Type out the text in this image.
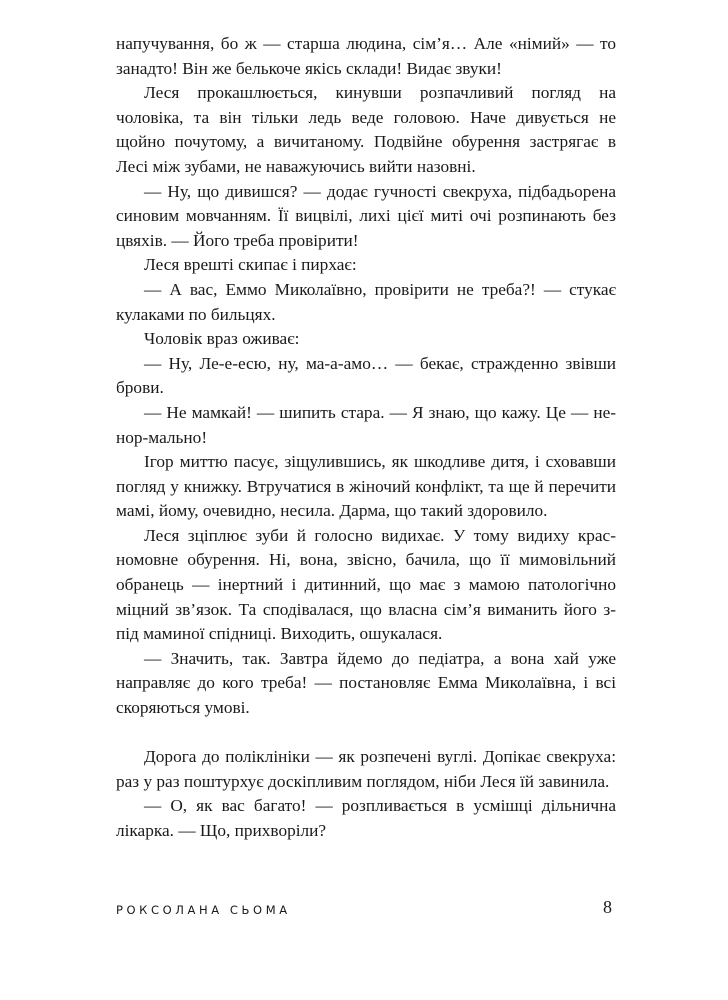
напучування, бо ж — старша людина, сім’я… Але «німий» — то занадто! Він же белькоче якісь склади! Видає звуки!

Леся прокашлюється, кинувши розпачливий погляд на чоловіка, та він тільки ледь веде головою. Наче дивується не щойно почутому, а вичитаному. Подвійне обурення застрягає в Лесі між зубами, не наважуючись вийти назовні.

— Ну, що дивишся? — додає гучності свекруха, підбадьорена синовим мовчанням. Її вицвілі, лихі цієї миті очі розпинають без цвяхів. — Його треба провірити!

Леся врешті скипає і пирхає:

— А вас, Еммо Миколаївно, провірити не треба?! — стукає кулаками по бильцях.

Чоловік враз оживає:

— Ну, Ле-е-есю, ну, ма-а-амо… — бекає, стражденно звівши брови.

— Не мамкай! — шипить стара. — Я знаю, що кажу. Це — не-нор-мально!

Ігор миттю пасує, зіщулившись, як шкодливе дитя, і сховавши погляд у книжку. Втручатися в жіночий конфлікт, та ще й перечити мамі, йому, очевидно, несила. Дарма, що такий здоровило.

Леся зціплює зуби й голосно видихає. У тому видиху красномовне обурення. Ні, вона, звісно, бачила, що її мимовільний обранець — інертний і дитинний, що має з мамою патологічно міцний зв’язок. Та сподівалася, що власна сім’я виманить його з-під маминої спідниці. Виходить, ошукалася.

— Значить, так. Завтра йдемо до педіатра, а вона хай уже направляє до кого треба! — постановляє Емма Миколаївна, і всі скоряються умові.

Дорога до поліклініки — як розпечені вуглі. Допікає свекруха: раз у раз поштурхує доскіпливим поглядом, ніби Леся їй завинила.

— О, як вас багато! — розпливається в усмішці дільнична лікарка. — Що, прихворіли?

РОКСОЛАНА СЬОМА	8
